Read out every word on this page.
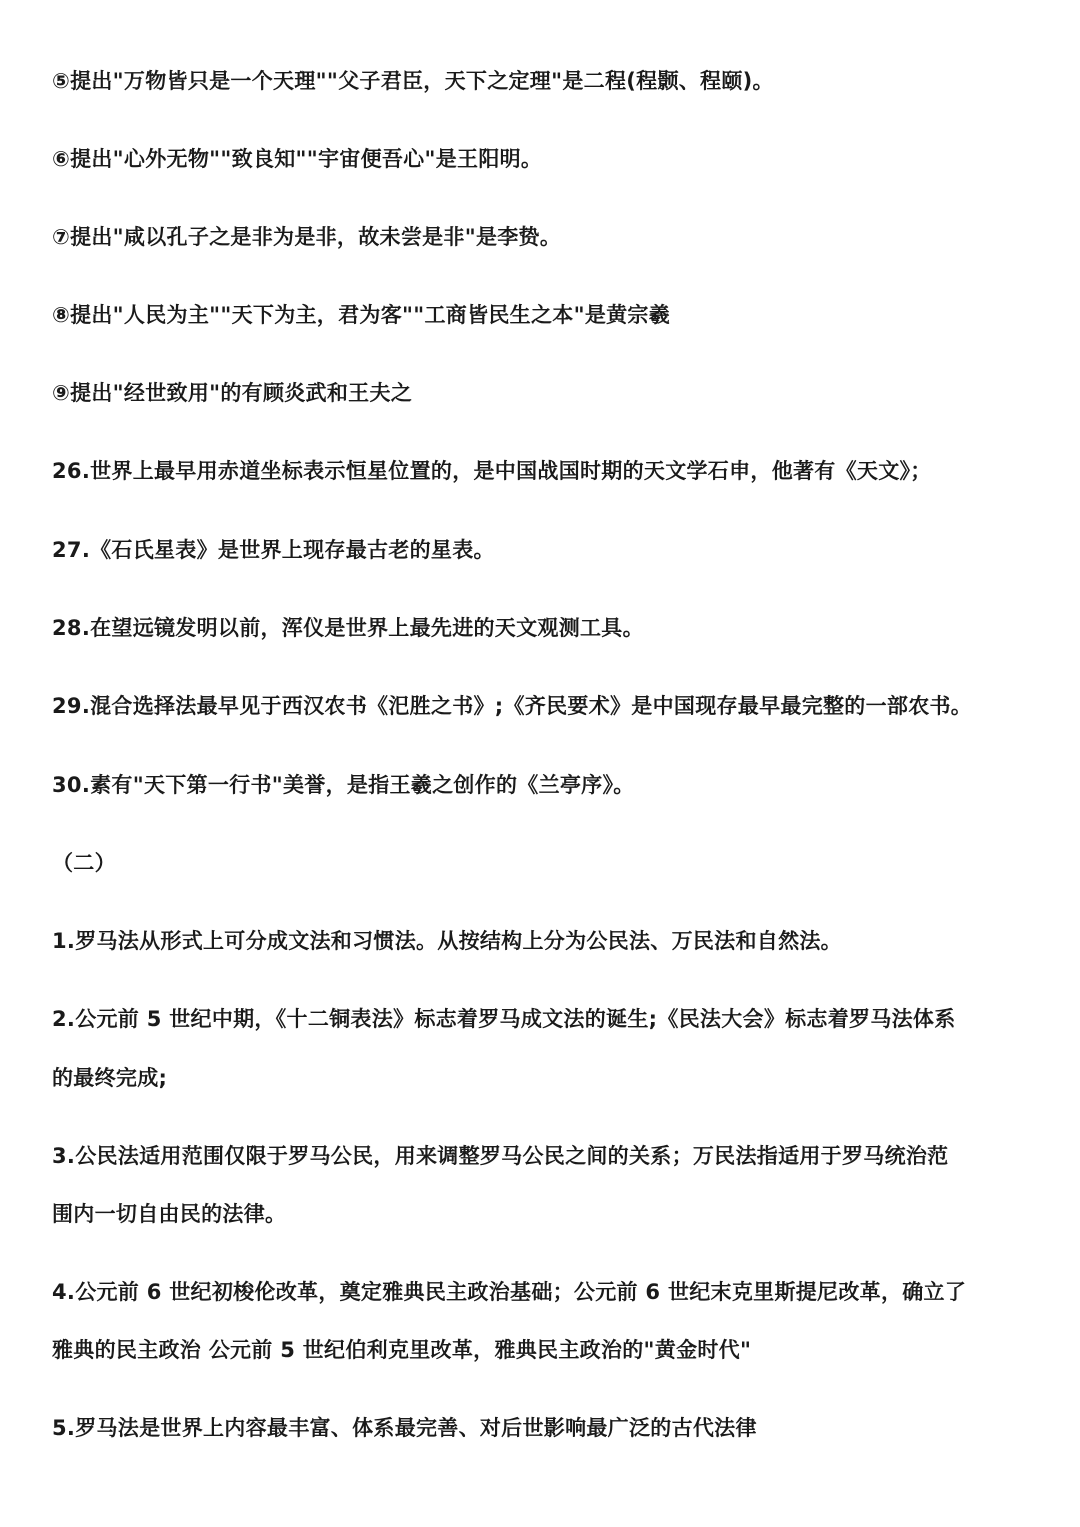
⑤提出"万物皆只是一个天理""父子君臣，天下之定理"是二程(程颢、程颐)。
⑥提出"心外无物""致良知""宇宙便吾心"是王阳明。
⑦提出"咸以孔子之是非为是非，故未尝是非"是李贽。
⑧提出"人民为主""天下为主，君为客""工商皆民生之本"是黄宗羲
⑨提出"经世致用"的有顾炎武和王夫之
26.世界上最早用赤道坐标表示恒星位置的，是中国战国时期的天文学石申，他著有《天文》；
27.《石氏星表》是世界上现存最古老的星表。
28.在望远镜发明以前，浑仪是世界上最先进的天文观测工具。
29.混合选择法最早见于西汉农书《汜胜之书》;《齐民要术》是中国现存最早最完整的一部农书。
30.素有"天下第一行书"美誉，是指王羲之创作的《兰亭序》。
（二）
1.罗马法从形式上可分成文法和习惯法。从按结构上分为公民法、万民法和自然法。
2.公元前 5 世纪中期，《十二铜表法》标志着罗马成文法的诞生;《民法大会》标志着罗马法体系
的最终完成;
3.公民法适用范围仅限于罗马公民，用来调整罗马公民之间的关系；万民法指适用于罗马统治范
围内一切自由民的法律。
4.公元前 6 世纪初梭伦改革，奠定雅典民主政治基础；公元前 6 世纪末克里斯提尼改革，确立了
雅典的民主政治 公元前 5 世纪伯利克里改革，雅典民主政治的"黄金时代"
5.罗马法是世界上内容最丰富、体系最完善、对后世影响最广泛的古代法律
